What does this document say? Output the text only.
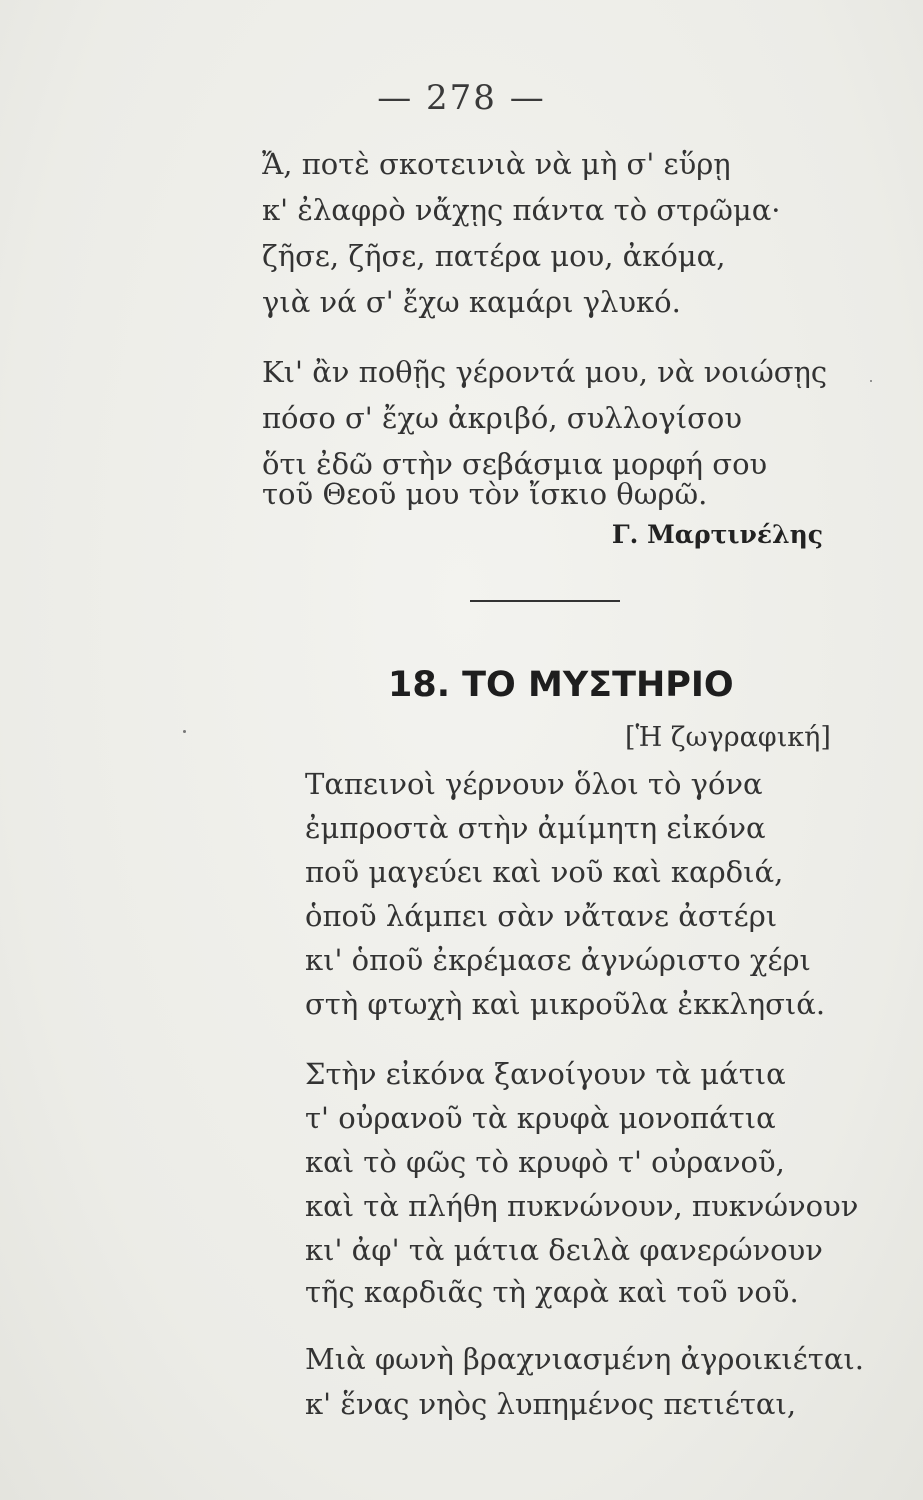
— 278 —
Ἄ, ποτὲ σκοτεινιὰ νὰ μὴ σ' εὕρῃ
κ' ἐλαφρὸ νἄχῃς πάντα τὸ στρῶμα·
ζῆσε, ζῆσε, πατέρα μου, ἀκόμα,
γιὰ νά σ' ἔχω καμάρι γλυκό.
Κι' ἂν ποθῇς γέροντά μου, νὰ νοιώσῃς
πόσο σ' ἔχω ἀκριβό, συλλογίσου
ὅτι ἐδῶ στὴν σεβάσμια μορφή σου
τοῦ Θεοῦ μου τὸν ἴσκιο θωρῶ.
Γ. Μαρτινέλης
18. ΤΟ ΜΥΣΤΗΡΙΟ
[Ἡ ζωγραφική]
Ταπεινοὶ γέρνουν ὅλοι τὸ γόνα
ἐμπροστὰ στὴν ἀμίμητη εἰκόνα
ποῦ μαγεύει καὶ νοῦ καὶ καρδιά,
ὁποῦ λάμπει σὰν νἄτανε ἀστέρι
κι' ὁποῦ ἐκρέμασε ἀγνώριστο χέρι
στὴ φτωχὴ καὶ μικροῦλα ἐκκλησιά.
Στὴν εἰκόνα ξανοίγουν τὰ μάτια
τ' οὐρανοῦ τὰ κρυφὰ μονοπάτια
καὶ τὸ φῶς τὸ κρυφὸ τ' οὐρανοῦ,
καὶ τὰ πλήθη πυκνώνουν, πυκνώνουν
κι' ἀφ' τὰ μάτια δειλὰ φανερώνουν
τῆς καρδιᾶς τὴ χαρὰ καὶ τοῦ νοῦ.
Μιὰ φωνὴ βραχνιασμένη ἀγροικιέται.
κ' ἕνας νηὸς λυπημένος πετιέται,
